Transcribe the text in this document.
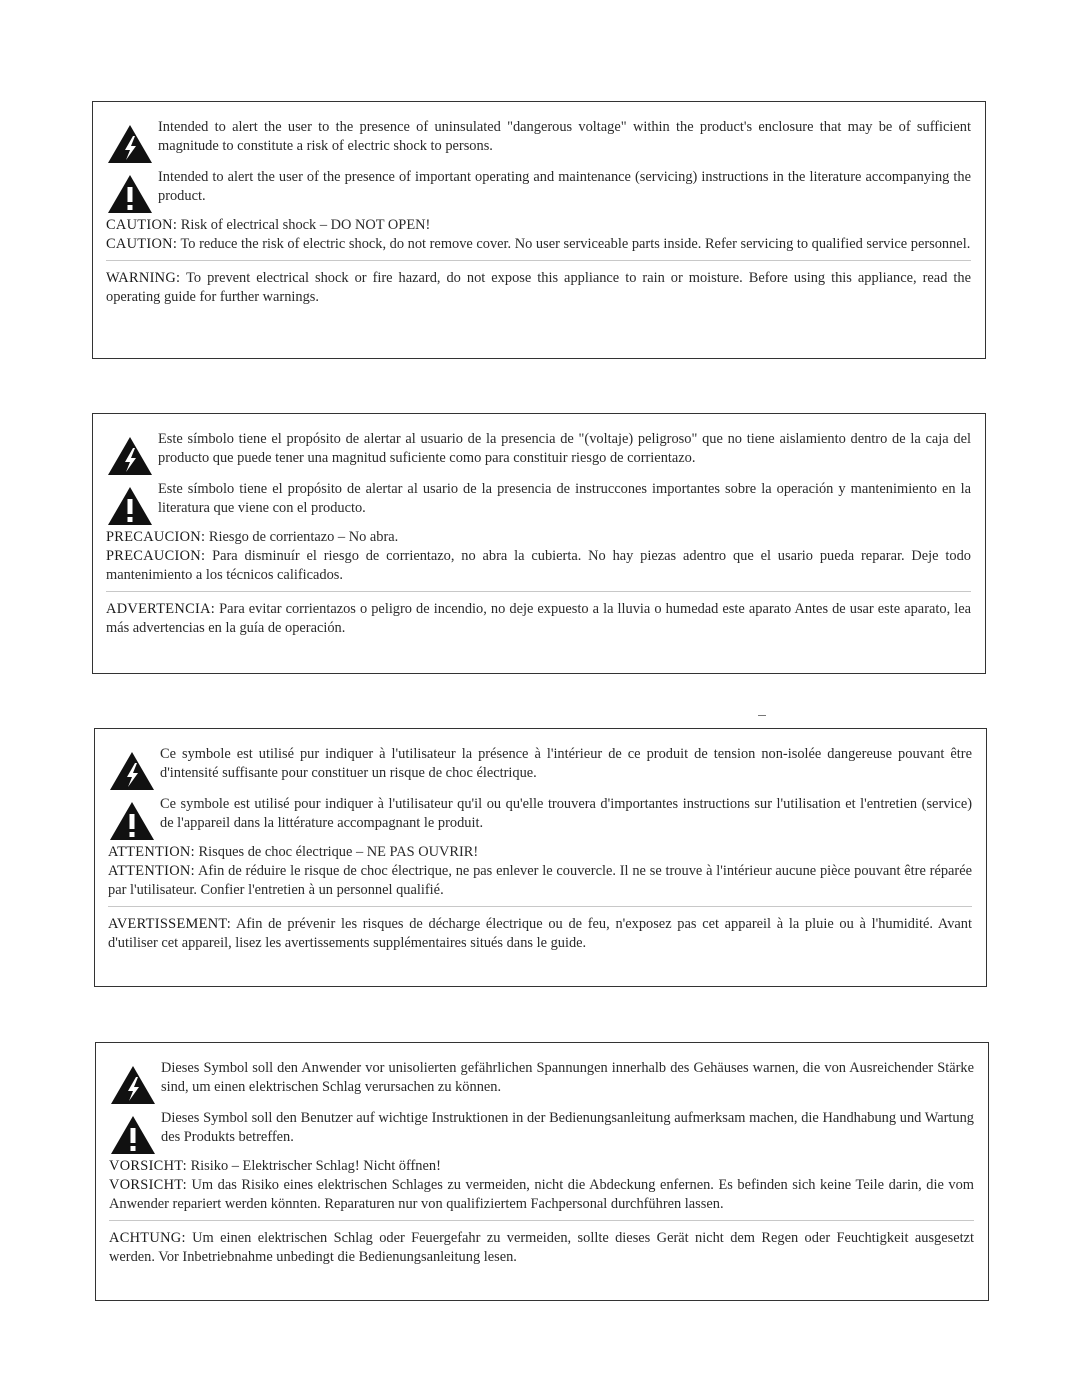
Intended to alert the user to the presence of uninsulated "dangerous voltage" within the product's enclosure that may be of sufficient magnitude to constitute a risk of electric shock to persons.
Intended to alert the user of the presence of important operating and maintenance (servicing) instructions in the literature accompanying the product.

CAUTION: Risk of electrical shock – DO NOT OPEN!

CAUTION: To reduce the risk of electric shock, do not remove cover. No user serviceable parts inside. Refer servicing to qualified service personnel.

WARNING: To prevent electrical shock or fire hazard, do not expose this appliance to rain or moisture. Before using this appliance, read the operating guide for further warnings.

Este símbolo tiene el propósito de alertar al usuario de la presencia de "(voltaje) peligroso" que no tiene aislamiento dentro de la caja del producto que puede tener una magnitud suficiente como para constituir riesgo de corrientazo.
Este símbolo tiene el propósito de alertar al usario de la presencia de instruccones importantes sobre la operación y mantenimiento en la literatura que viene con el producto.

PRECAUCION: Riesgo de corrientazo – No abra.

PRECAUCION: Para disminuír el riesgo de corrientazo, no abra la cubierta. No hay piezas adentro que el usario pueda reparar. Deje todo mantenimiento a los técnicos calificados.

ADVERTENCIA: Para evitar corrientazos o peligro de incendio, no deje expuesto a la lluvia o humedad este aparato Antes de usar este aparato, lea más advertencias en la guía de operación.

Ce symbole est utilisé pur indiquer à l'utilisateur la présence à l'intérieur de ce produit de tension non-isolée dangereuse pouvant être d'intensité suffisante pour constituer un risque de choc électrique.
Ce symbole est utilisé pour indiquer à l'utilisateur qu'il ou qu'elle trouvera d'importantes instructions sur l'utilisation et l'entretien (service) de l'appareil dans la littérature accompagnant le produit.

ATTENTION: Risques de choc électrique – NE PAS OUVRIR!

ATTENTION: Afin de réduire le risque de choc électrique, ne pas enlever le couvercle. Il ne se trouve à l'intérieur aucune pièce pouvant être réparée par l'utilisateur. Confier l'entretien à un personnel qualifié.

AVERTISSEMENT: Afin de prévenir les risques de décharge électrique ou de feu, n'exposez pas cet appareil à la pluie ou à l'humidité. Avant d'utiliser cet appareil, lisez les avertissements supplémentaires situés dans le guide.

Dieses Symbol soll den Anwender vor unisolierten gefährlichen Spannungen innerhalb des Gehäuses warnen, die von Ausreichender Stärke sind, um einen elektrischen Schlag verursachen zu können.
Dieses Symbol soll den Benutzer auf wichtige Instruktionen in der Bedienungsanleitung aufmerksam machen, die Handhabung und Wartung des Produkts betreffen.

VORSICHT: Risiko – Elektrischer Schlag! Nicht öffnen!

VORSICHT: Um das Risiko eines elektrischen Schlages zu vermeiden, nicht die Abdeckung enfernen. Es befinden sich keine Teile darin, die vom Anwender repariert werden könnten. Reparaturen nur von qualifiziertem Fachpersonal durchführen lassen.

ACHTUNG: Um einen elektrischen Schlag oder Feuergefahr zu vermeiden, sollte dieses Gerät nicht dem Regen oder Feuchtigkeit ausgesetzt werden. Vor Inbetriebnahme unbedingt die Bedienungsanleitung lesen.
